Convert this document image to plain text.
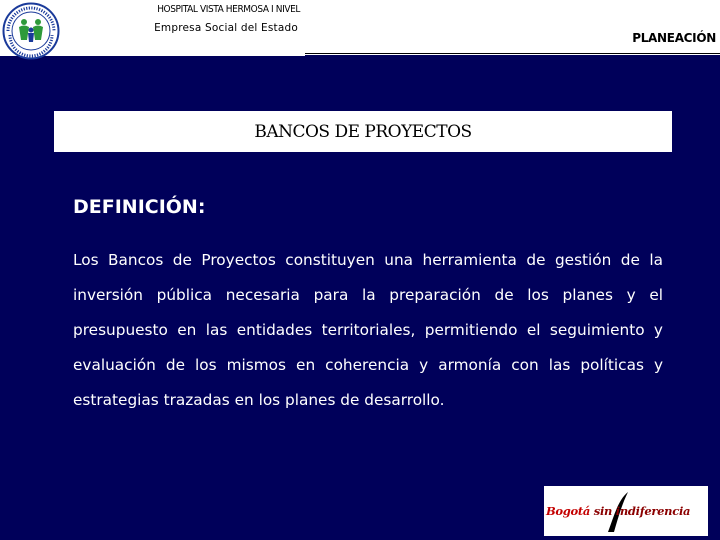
HOSPITAL VISTA HERMOSA I NIVEL
Empresa Social del Estado
PLANEACIÓN
BANCOS DE PROYECTOS
DEFINICIÓN:
Los Bancos de Proyectos constituyen una herramienta de gestión de la inversión pública necesaria para la preparación de los planes y el presupuesto en las entidades territoriales, permitiendo el seguimiento y evaluación de los mismos en coherencia y armonía con las políticas y estrategias trazadas en los planes de desarrollo.
Bogotá sin indiferencia
